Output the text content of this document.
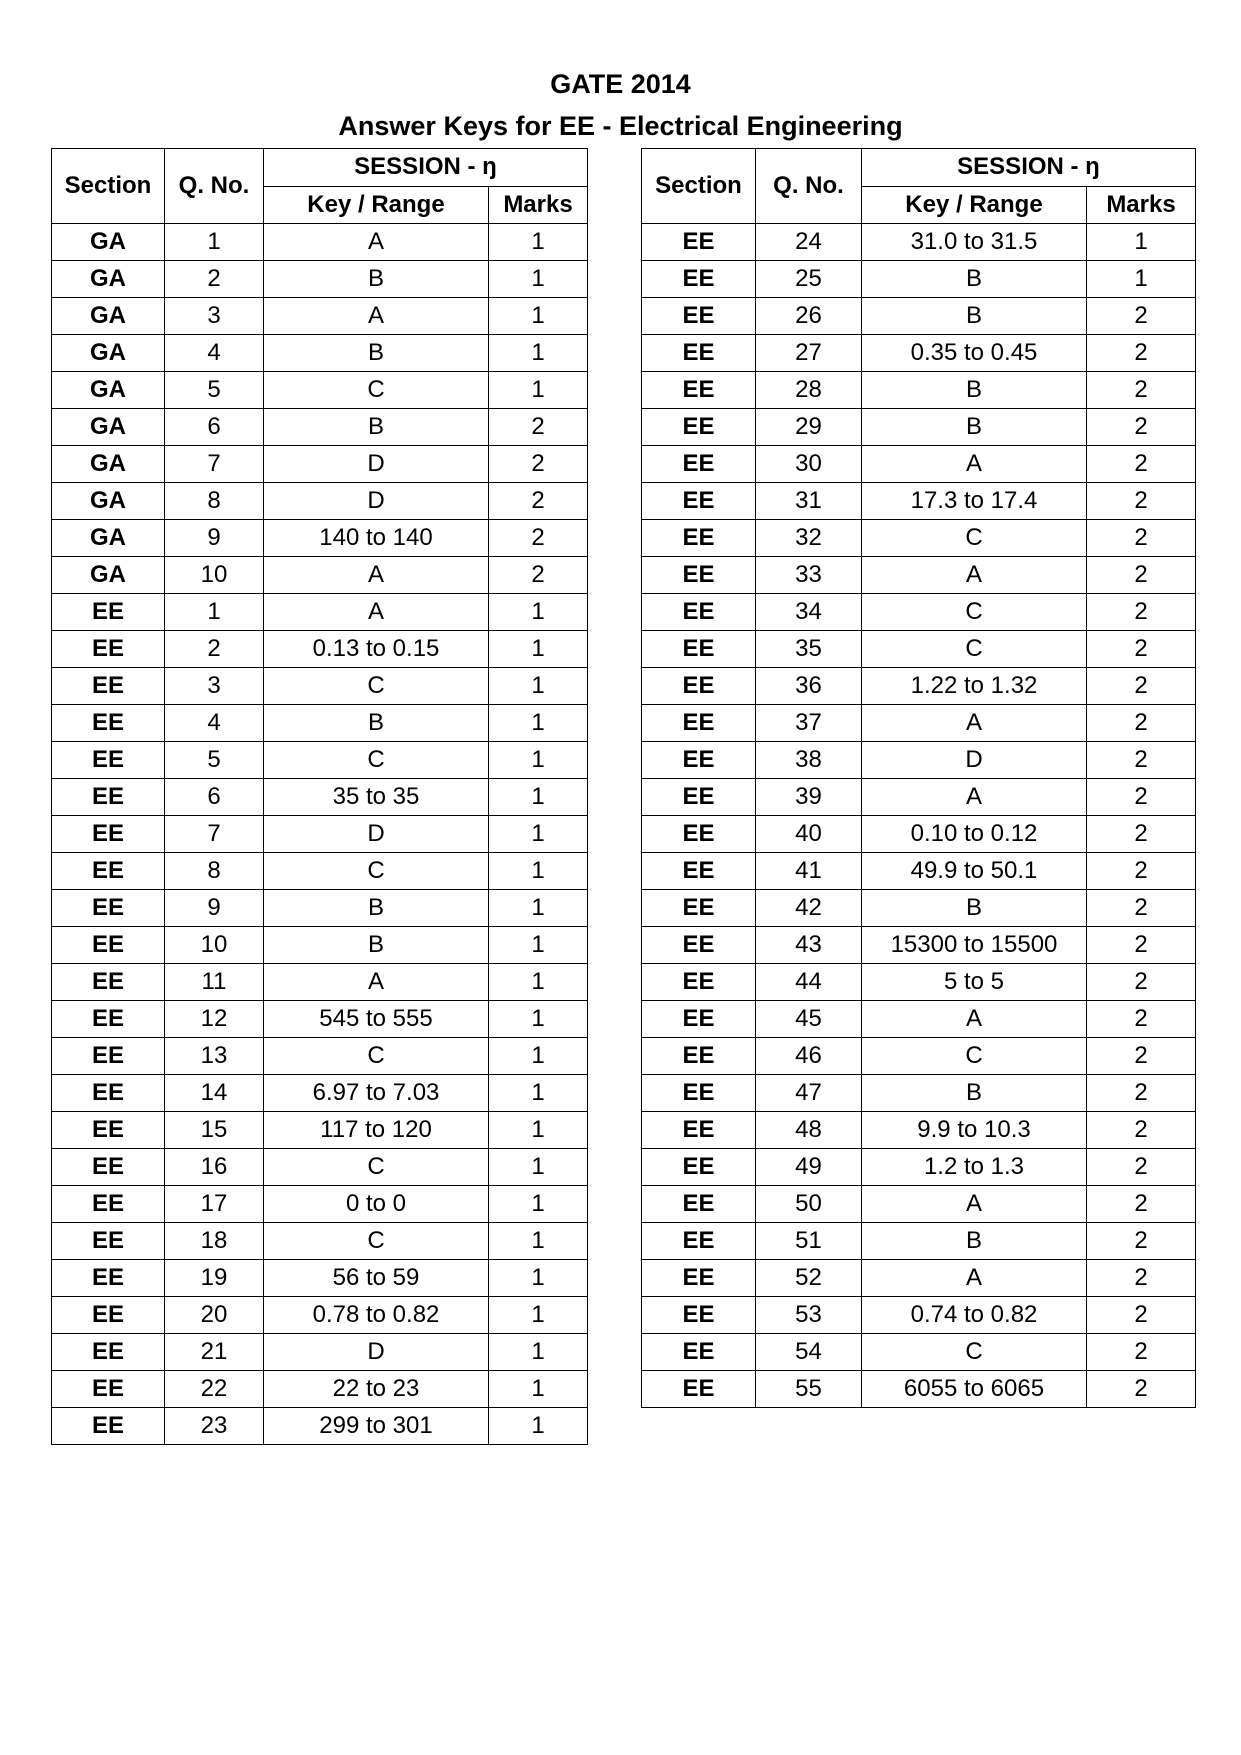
GATE 2014
Answer Keys for EE - Electrical Engineering
Section	Q. No.	SESSION - ŋ	
		Key / Range	Marks
GA	1	A	1
GA	2	B	1
GA	3	A	1
GA	4	B	1
GA	5	C	1
GA	6	B	2
GA	7	D	2
GA	8	D	2
GA	9	140 to 140	2
GA	10	A	2
EE	1	A	1
EE	2	0.13 to 0.15	1
EE	3	C	1
EE	4	B	1
EE	5	C	1
EE	6	35 to 35	1
EE	7	D	1
EE	8	C	1
EE	9	B	1
EE	10	B	1
EE	11	A	1
EE	12	545 to 555	1
EE	13	C	1
EE	14	6.97 to 7.03	1
EE	15	117 to 120	1
EE	16	C	1
EE	17	0 to 0	1
EE	18	C	1
EE	19	56 to 59	1
EE	20	0.78 to 0.82	1
EE	21	D	1
EE	22	22 to 23	1
EE	23	299 to 301	1
Section	Q. No.	SESSION - ŋ	
		Key / Range	Marks
EE	24	31.0 to 31.5	1
EE	25	B	1
EE	26	B	2
EE	27	0.35 to 0.45	2
EE	28	B	2
EE	29	B	2
EE	30	A	2
EE	31	17.3 to 17.4	2
EE	32	C	2
EE	33	A	2
EE	34	C	2
EE	35	C	2
EE	36	1.22 to 1.32	2
EE	37	A	2
EE	38	D	2
EE	39	A	2
EE	40	0.10 to 0.12	2
EE	41	49.9 to 50.1	2
EE	42	B	2
EE	43	15300 to 15500	2
EE	44	5 to 5	2
EE	45	A	2
EE	46	C	2
EE	47	B	2
EE	48	9.9 to 10.3	2
EE	49	1.2 to 1.3	2
EE	50	A	2
EE	51	B	2
EE	52	A	2
EE	53	0.74 to 0.82	2
EE	54	C	2
EE	55	6055 to 6065	2
